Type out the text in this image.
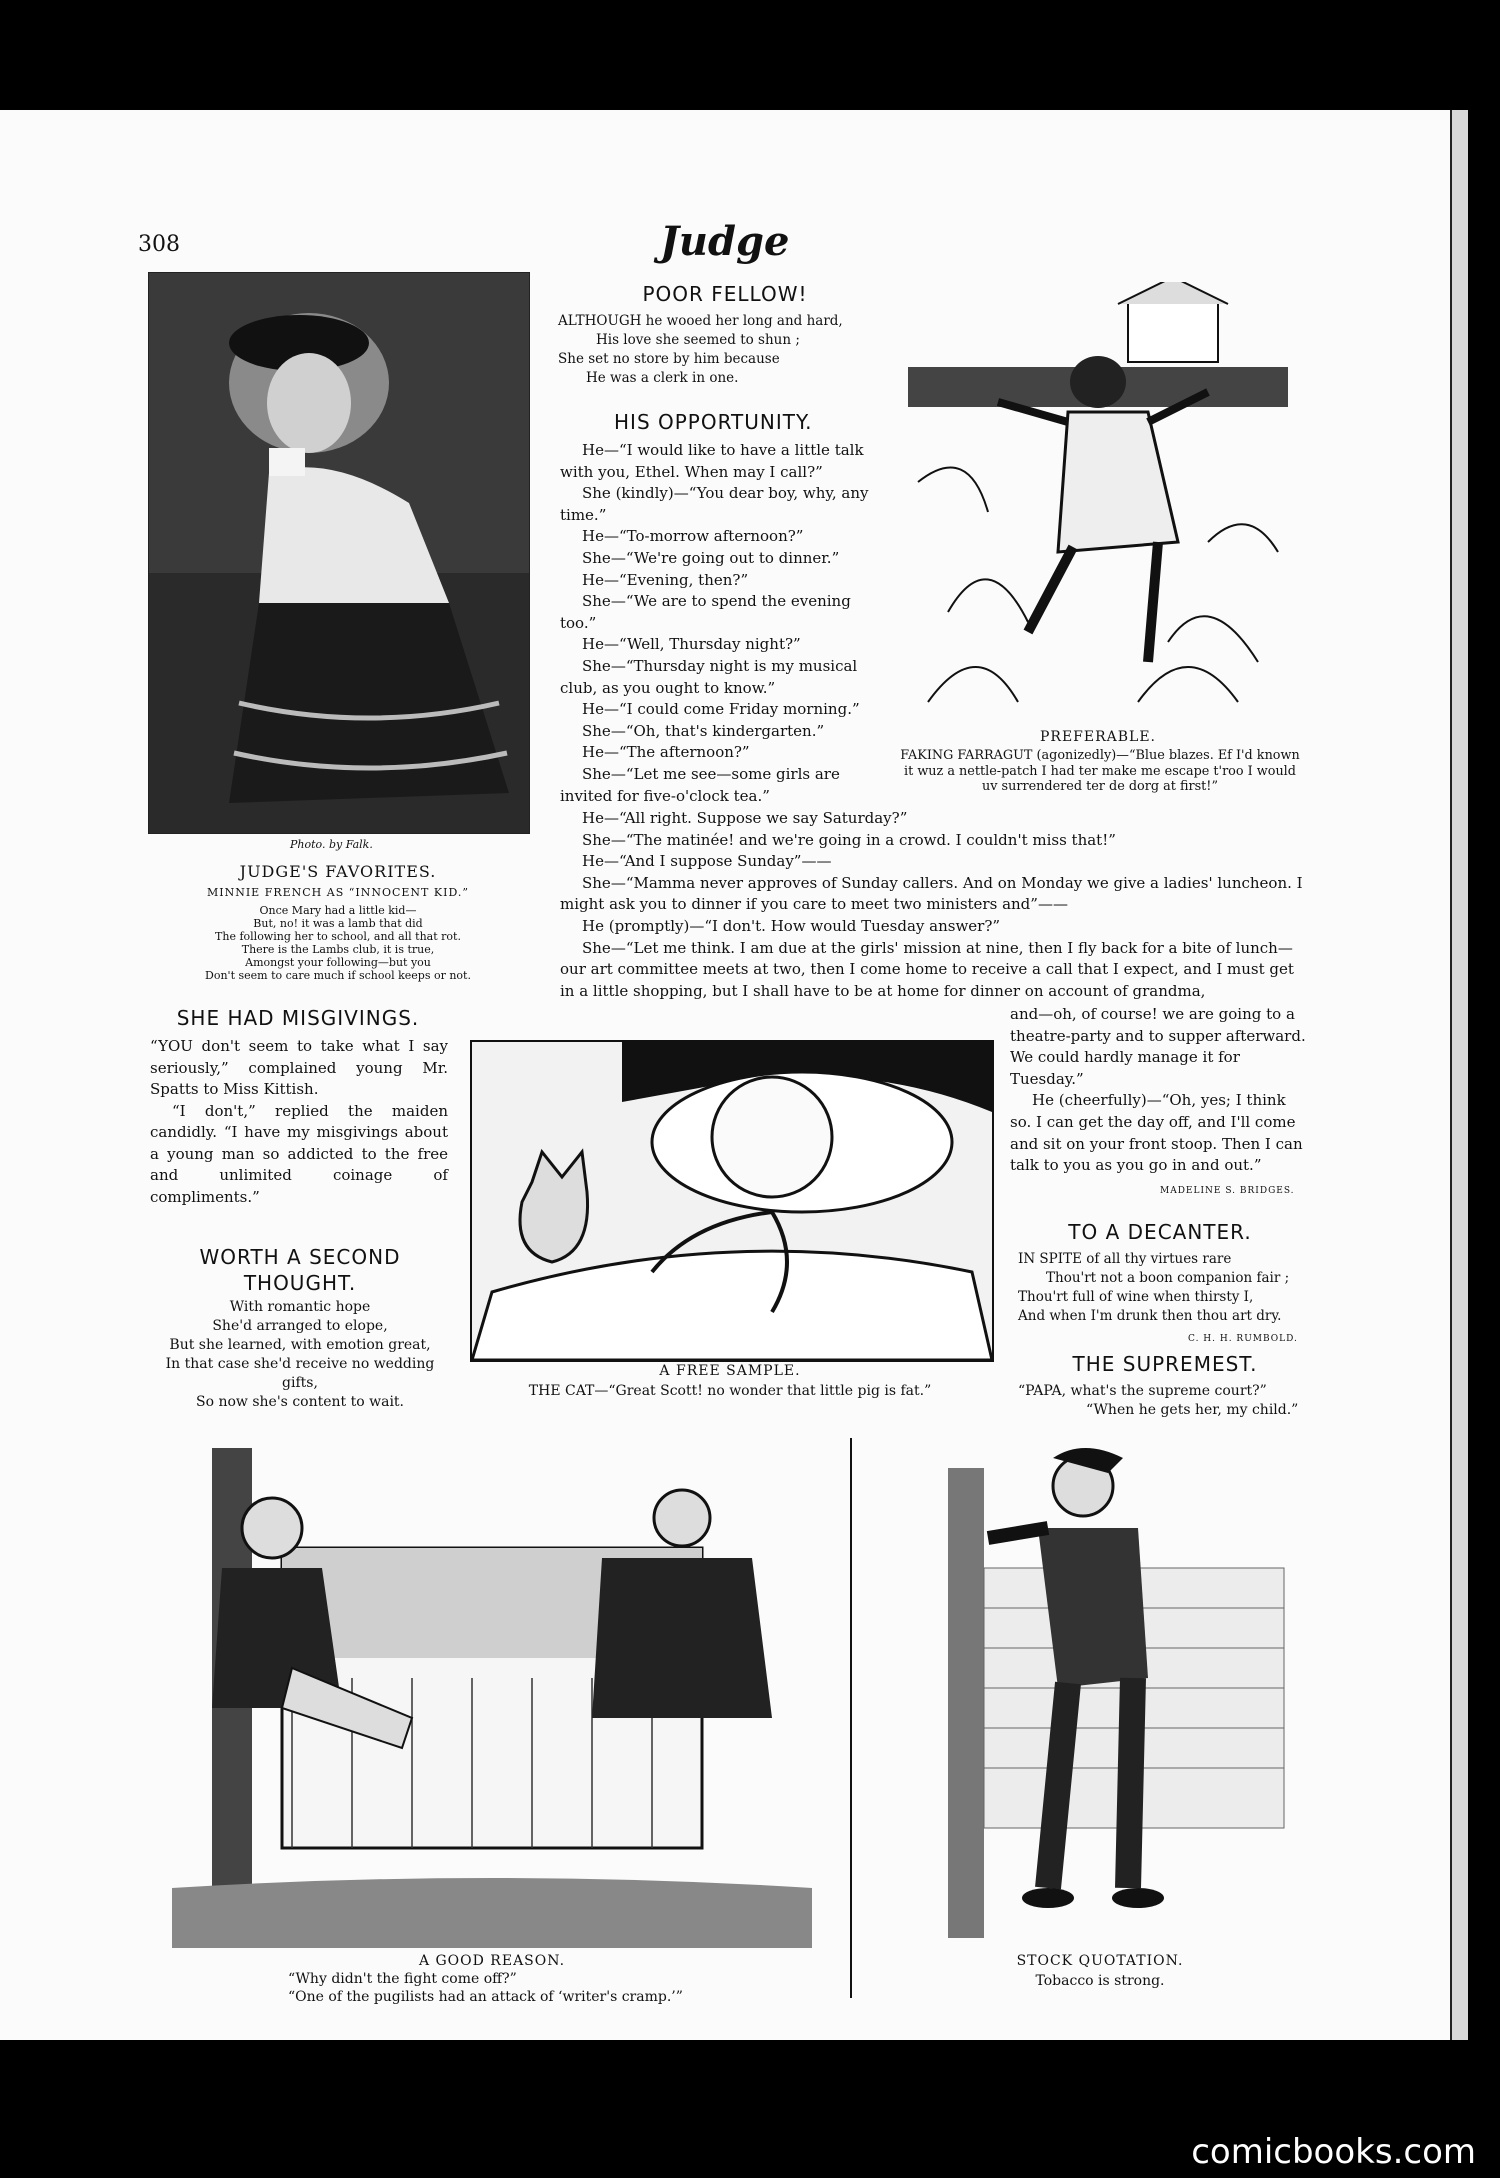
308	Judge
Photo. by Falk.
JUDGE'S FAVORITES.
MINNIE FRENCH AS “INNOCENT KID.”

Once Mary had a little kid—

But, no! it was a lamb that did

The following her to school, and all that rot.

There is the Lambs club, it is true,

Amongst your following—but you

Don't seem to care much if school keeps or not.

POOR FELLOW!

ALTHOUGH he wooed her long and hard,

His love she seemed to shun ;

She set no store by him because

He was a clerk in one.

HIS OPPORTUNITY.

He—“I would like to have a little talk with you, Ethel. When may I call?”

She (kindly)—“You dear boy, why, any time.”

He—“To-morrow afternoon?”

She—“We're going out to dinner.”

He—“Evening, then?”

She—“We are to spend the evening too.”

He—“Well, Thursday night?”

She—“Thursday night is my musical club, as you ought to know.”

He—“I could come Friday morning.”

She—“Oh, that's kindergarten.”

He—“The afternoon?”

She—“Let me see—some girls are invited for five-o'clock tea.”

PREFERABLE.
FAKING FARRAGUT (agonizedly)—“Blue blazes. Ef I'd known it wuz a nettle-patch I had ter make me escape t'roo I would uv surrendered ter de dorg at first!”

He—“All right. Suppose we say Saturday?”

She—“The matinée! and we're going in a crowd. I couldn't miss that!”

He—“And I suppose Sunday”——

She—“Mamma never approves of Sunday callers. And on Monday we give a ladies' luncheon. I might ask you to dinner if you care to meet two ministers and”——

He (promptly)—“I don't. How would Tuesday answer?”

She—“Let me think. I am due at the girls' mission at nine, then I fly back for a bite of lunch—our art committee meets at two, then I come home to receive a call that I expect, and I must get in a little shopping, but I shall have to be at home for dinner on account of grandma,

and—oh, of course! we are going to a theatre-party and to supper afterward. We could hardly manage it for Tuesday.”

He (cheerfully)—“Oh, yes; I think so. I can get the day off, and I'll come and sit on your front stoop. Then I can talk to you as you go in and out.”

MADELINE S. BRIDGES.
SHE HAD MISGIVINGS.

“YOU don't seem to take what I say seriously,” complained young Mr. Spatts to Miss Kittish.

“I don't,” replied the maiden candidly. “I have my misgivings about a young man so addicted to the free and unlimited coinage of compliments.”

WORTH A SECOND THOUGHT.

With romantic hope

She'd arranged to elope,

But she learned, with emotion great,

In that case she'd receive no wedding gifts,

So now she's content to wait.

A FREE SAMPLE.
THE CAT—“Great Scott! no wonder that little pig is fat.”
TO A DECANTER.

IN SPITE of all thy virtues rare

Thou'rt not a boon companion fair ;

Thou'rt full of wine when thirsty I,

And when I'm drunk then thou art dry.

C. H. H. RUMBOLD.
THE SUPREMEST.

“PAPA, what's the supreme court?”

“When he gets her, my child.”

A GOOD REASON.

“Why didn't the fight come off?”

“One of the pugilists had an attack of ‘writer's cramp.’”

STOCK QUOTATION.
Tobacco is strong.
comicbooks.com
